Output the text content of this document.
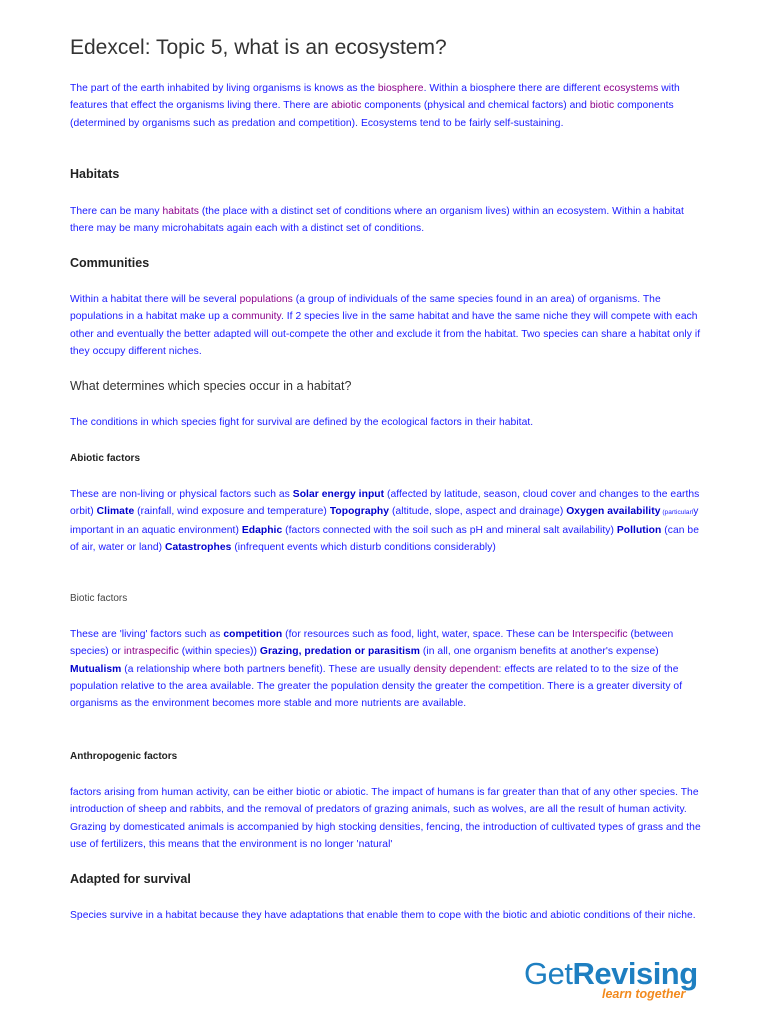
Edexcel: Topic 5, what is an ecosystem?

The part of the earth inhabited by living organisms is knows as the biosphere. Within a biosphere there are different ecosystems with features that effect the organisms living there. There are abiotic components (physical and chemical factors) and biotic components (determined by organisms such as predation and competition). Ecosystems tend to be fairly self-sustaining.

Habitats

There can be many habitats (the place with a distinct set of conditions where an organism lives) within an ecosystem. Within a habitat there may be many microhabitats again each with a distinct set of conditions.

Communities

Within a habitat there will be several populations (a group of individuals of the same species found in an area) of organisms. The populations in a habitat make up a community. If 2 species live in the same habitat and have the same niche they will compete with each other and eventually the better adapted will out-compete the other and exclude it from the habitat. Two species can share a habitat only if they occupy different niches.

What determines which species occur in a habitat?

The conditions in which species fight for survival are defined by the ecological factors in their habitat.

Abiotic factors

These are non-living or physical factors such as Solar energy input (affected by latitude, season, cloud cover and changes to the earths orbit) Climate (rainfall, wind exposure and temperature) Topography (altitude, slope, aspect and drainage) Oxygen availability (particularly important in an aquatic environment) Edaphic (factors connected with the soil such as pH and mineral salt availability) Pollution (can be of air, water or land) Catastrophes (infrequent events which disturb conditions considerably)

Biotic factors

These are 'living' factors such as competition (for resources such as food, light, water, space. These can be Interspecific (between species) or intraspecific (within species)) Grazing, predation or parasitism (in all, one organism benefits at another's expense) Mutualism (a relationship where both partners benefit). These are usually density dependent: effects are related to to the size of the population relative to the area available. The greater the population density the greater the competition. There is a greater diversity of organisms as the environment becomes more stable and more nutrients are available.

Anthropogenic factors

factors arising from human activity, can be either biotic or abiotic. The impact of humans is far greater than that of any other species. The introduction of sheep and rabbits, and the removal of predators of grazing animals, such as wolves, are all the result of human activity. Grazing by domesticated animals is accompanied by high stocking densities, fencing, the introduction of cultivated types of grass and the use of fertilizers, this means that the environment is no longer 'natural'

Adapted for survival

Species survive in a habitat because they have adaptations that enable them to cope with the biotic and abiotic conditions of their niche.

GetRevising
learn together
